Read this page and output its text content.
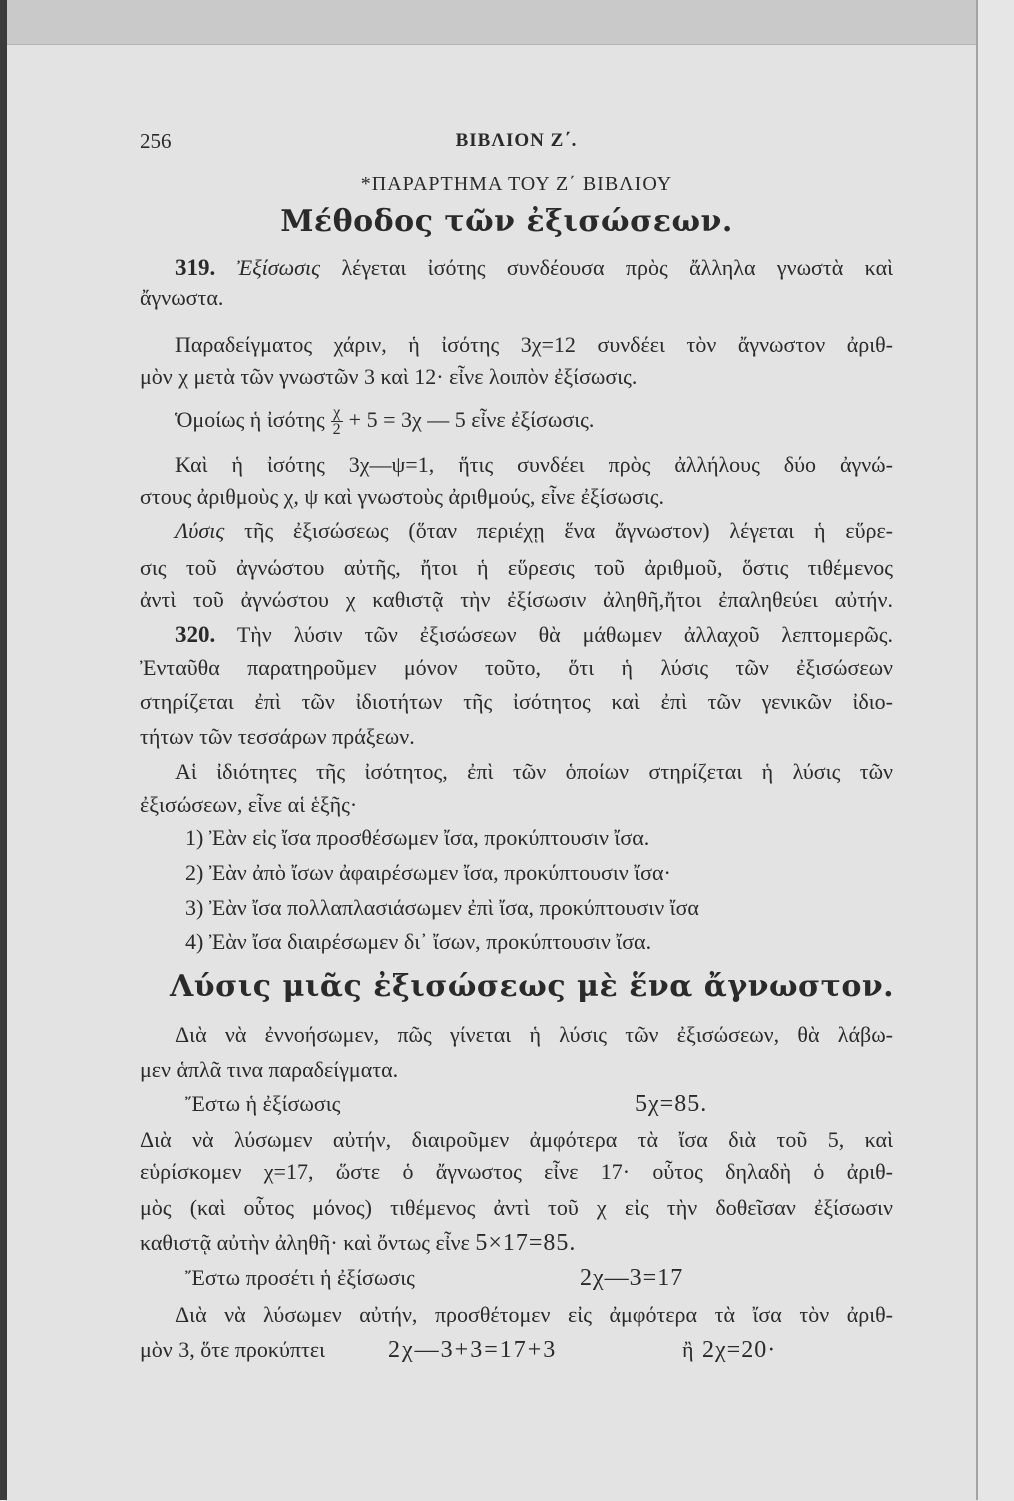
256	ΒΙΒΛΙΟΝ Ζ΄.
*ΠΑΡΑΡΤΗΜΑ ΤΟΥ Ζ΄ ΒΙΒΛΙΟΥ
Μέθοδος τῶν ἐξισώσεων.
319. Ἐξίσωσις λέγεται ἰσότης συνδέουσα πρὸς ἄλληλα γνωστὰ καὶ
ἄγνωστα.
Παραδείγματος χάριν, ἡ ἰσότης 3χ=12 συνδέει τὸν ἄγνωστον ἀριθ-
μὸν χ μετὰ τῶν γνωστῶν 3 καὶ 12· εἶνε λοιπὸν ἐξίσωσις.
Ὁμοίως ἡ ἰσότης $\frac{\chi}{2} + 5 = 3\chi$ — 5 εἶνε ἐξίσωσις.
Καὶ ἡ ἰσότης 3χ—ψ=1, ἥτις συνδέει πρὸς ἀλλήλους δύο ἀγνώ-
στους ἀριθμοὺς χ, ψ καὶ γνωστοὺς ἀριθμούς, εἶνε ἐξίσωσις.
Λύσις τῆς ἐξισώσεως (ὅταν περιέχῃ ἕνα ἄγνωστον) λέγεται ἡ εὕρε-
σις τοῦ ἀγνώστου αὐτῆς, ἤτοι ἡ εὕρεσις τοῦ ἀριθμοῦ, ὅστις τιθέμενος
ἀντὶ τοῦ ἀγνώστου χ καθιστᾷ τὴν ἐξίσωσιν ἀληθῆ,ἤτοι ἐπαληθεύει αὐτήν.
320. Τὴν λύσιν τῶν ἐξισώσεων θὰ μάθωμεν ἀλλαχοῦ λεπτομερῶς.
Ἐνταῦθα παρατηροῦμεν μόνον τοῦτο, ὅτι ἡ λύσις τῶν ἐξισώσεων
στηρίζεται ἐπὶ τῶν ἰδιοτήτων τῆς ἰσότητος καὶ ἐπὶ τῶν γενικῶν ἰδιο-
τήτων τῶν τεσσάρων πράξεων.
Αἱ ἰδιότητες τῆς ἰσότητος, ἐπὶ τῶν ὁποίων στηρίζεται ἡ λύσις τῶν
ἐξισώσεων, εἶνε αἱ ἑξῆς·
1) Ἐὰν εἰς ἴσα προσθέσωμεν ἴσα, προκύπτουσιν ἴσα.
2) Ἐὰν ἀπὸ ἴσων ἀφαιρέσωμεν ἴσα, προκύπτουσιν ἴσα·
3) Ἐὰν ἴσα πολλαπλασιάσωμεν ἐπὶ ἴσα, προκύπτουσιν ἴσα
4) Ἐὰν ἴσα διαιρέσωμεν δι᾽ ἴσων, προκύπτουσιν ἴσα.
Λύσις μιᾶς ἐξισώσεως μὲ ἕνα ἄγνωστον.
Διὰ νὰ ἐννοήσωμεν, πῶς γίνεται ἡ λύσις τῶν ἐξισώσεων, θὰ λάβω-
μεν ἁπλᾶ τινα παραδείγματα.
Ἔστω ἡ ἐξίσωσις	5χ=85.
Διὰ νὰ λύσωμεν αὐτήν, διαιροῦμεν ἀμφότερα τὰ ἴσα διὰ τοῦ 5, καὶ
εὑρίσκομεν χ=17, ὥστε ὁ ἄγνωστος εἶνε 17· οὗτος δηλαδὴ ὁ ἀριθ-
μὸς (καὶ οὗτος μόνος) τιθέμενος ἀντὶ τοῦ χ εἰς τὴν δοθεῖσαν ἐξίσωσιν
καθιστᾷ αὐτὴν ἀληθῆ· καὶ ὄντως εἶνε 5×17=85.
Ἔστω προσέτι ἡ ἐξίσωσις	2χ—3=17
Διὰ νὰ λύσωμεν αὐτήν, προσθέτομεν εἰς ἀμφότερα τὰ ἴσα τὸν ἀριθ-
μὸν 3, ὅτε προκύπτει	2χ—3+3=17+3	ἢ 2χ=20·
